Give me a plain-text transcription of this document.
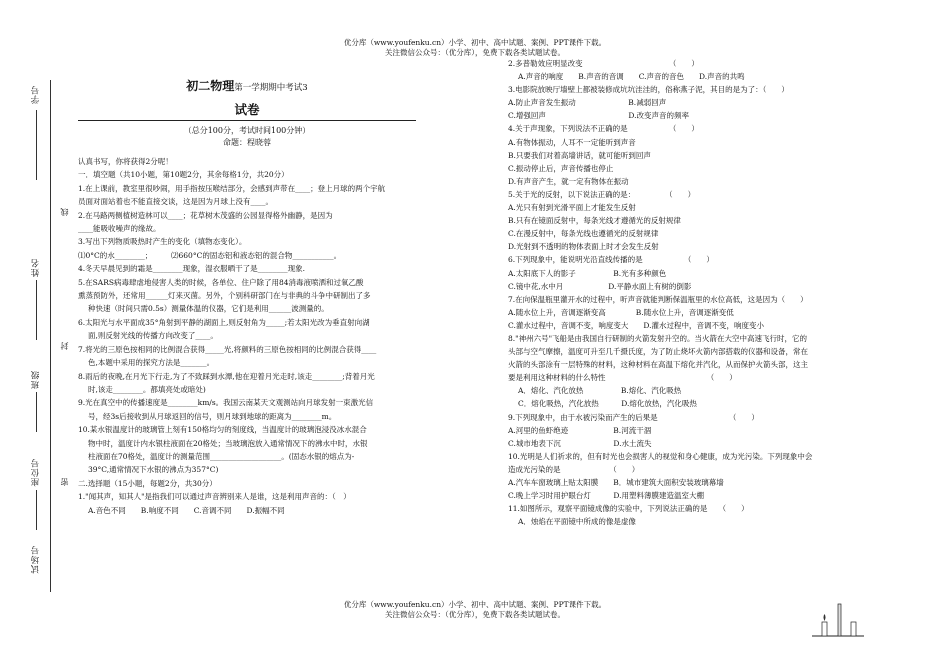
优分库（www.youfenku.cn）小学、初中、高中试题、案例、PPT课件下载。
关注微信公众号：（优分库），免费下载各类试题试卷。
学号
线
姓名
封
班级
座位号 密
试场号
初二物理第一学期期中考试3
试卷
（总分100分，考试时间100分钟）
命题：程晓蓉

认真书写，你将获得2分呢！

一．填空题（共10小题，第10题2分，其余每格1分，共20分）

1.在上课前，教室里很吵闹，用手指按压喉结部分，会感到声带在____；登上月球的两个宇航

员面对面站着也不能直接交谈，这是因为月球上没有____。

2.在马路两侧植树造林可以____；花草树木茂盛的公园显得格外幽静，是因为

____能吸收噪声的缘故。

3.写出下列物质吸热时产生的变化（填物态变化）。

⑴0°C的水________；　　　⑵660°C的固态铝和液态铝的混合物___________。

4.冬天早晨见到的霜是________现象，湿衣服晒干了是________现象.

5.在SARS病毒肆虐地侵害人类的时候，各单位、住户除了用84消毒液喷洒和过氧乙酸

熏蒸预防外，还常用______灯来灭菌。另外，个别科研部门在与非典的斗争中研制出了多

种快速（时间只需0.5s）测量体温的仪器，它们是利用______波测量的。

6.太阳光与水平面成35°角射到平静的湖面上,则反射角为_____;若太阳光改为垂直射向湖

面,则反射光线的传播方向改变了____。

7.将光的三原色按相同的比例混合获得_____光,将颜料的三原色按相同的比例混合获得____

色,本题中采用的探究方法是_______。

8.雨后的夜晚,在月光下行走,为了不致踩到水潭,他在迎着月光走时,该走________;背着月光

时,该走________。都填亮处或暗处)

9.光在真空中的传播速度是________km/s。我国云南某天文观测站向月球发射一束激光信

号，经3s后接收到从月球返回的信号，则月球到地球的距离为________m。

10.某水银温度计的玻璃管上刻有150格均匀的刻度线，当温度计的玻璃泡浸没冰水混合

物中时，温度计内水银柱液面在20格处；当玻璃泡放入通常情况下的沸水中时，水银

柱液面在70格处，温度计的测量范围___________________。(固态水银的熔点为-

39°C,通常情况下水银的沸点为357°C)

二.选择题（15小题，每题2分，共30分）

1."闻其声，知其人"是指我们可以通过声音辨别来人是谁，这是利用声音的：（　）

A.音色不同　　B.响度不同　　C.音调不同　　D.振幅不同

2.多普勒效应明显改变　　　　　　　　　　　　（　　）

A.声音的响度　　B.声音的音调　　C.声音的音色　　D.声音的共鸣

3.电影院放映厅墙壁上都被装修成坑坑洼洼的，俗称燕子泥，其目的是为了：（　　）

A.防止声音发生振动　　　　　　　B.减弱回声

C.增强回声　　　　　　　　　　　D.改变声音的频率

4.关于声现象，下列说法不正确的是　　　　　　（　　）

A.有物体振动，人耳不一定能听到声音

B.只要我们对着高墙讲话，就可能听到回声

C.振动停止后，声音传播也停止

D.有声音产生，就一定有物体在振动

5.关于光的反射，以下说法正确的是：　　　　　（　　）

A.光只有射到光滑平面上才能发生反射

B.只有在镜面反射中，每条光线才遵循光的反射规律

C.在漫反射中，每条光线也遵循光的反射规律

D.光射到不透明的物体表面上时才会发生反射

6.下列现象中，能说明光沿直线传播的是　　　　　　（　　）

A.太阳底下人的影子　　　　　B.光有多种颜色

C.镜中花,水中月　　　　　　D.平静水面上有树的倒影

7.在向保温瓶里灌开水的过程中，听声音就能判断保温瓶里的水位高低，这是因为（　　）

A.随水位上升，音调逐渐变高　　　　B.随水位上升，音调逐渐变低

C.灌水过程中，音调不变，响度变大　　D.灌水过程中，音调不变，响度变小

8."神州六号"飞船是由我国自行研制的火箭发射升空的。当火箭在大空中高速飞行时，它的

头部与空气摩擦，温度可升至几千摄氏度，为了防止烧坏火箭内部搭载的仪器和设备，常在

火箭的头部涂有一层特殊的材料，这种材料在高温下熔化并汽化，从而保护火箭头部，这主

要是利用这种材料的什么特性　　　　　　　　　　　　　　（　　）

A．熔化、汽化放热　　　　　B.熔化、汽化吸热

C．熔化吸热，汽化放热　　　D.熔化放热，汽化吸热

9.下列现象中，由于水被污染而产生的后果是　　　　　　　　　　（　　）

A.河里的鱼虾绝迹　　　　　　B.河流干涸

C.城市地表下沉　　　　　　　D.水土流失

10.光明是人们祈求的，但有时光也会损害人的视觉和身心健康，成为光污染。下列现象中会

造成光污染的是　　　　　　　（　　）

A.汽车车窗玻璃上贴太阳膜　　B．城市建筑大面积安装玻璃幕墙

C.晚上学习时用护眼台灯　　　D.用塑料薄膜建造温室大棚

11.如图所示，观察平面镜成像的实验中，下列说法正确的是　　（　　）

A．烛焰在平面镜中所成的像是虚像

优分库（www.youfenku.cn）小学、初中、高中试题、案例、PPT课件下载。
关注微信公众号：（优分库），免费下载各类试题试卷。
